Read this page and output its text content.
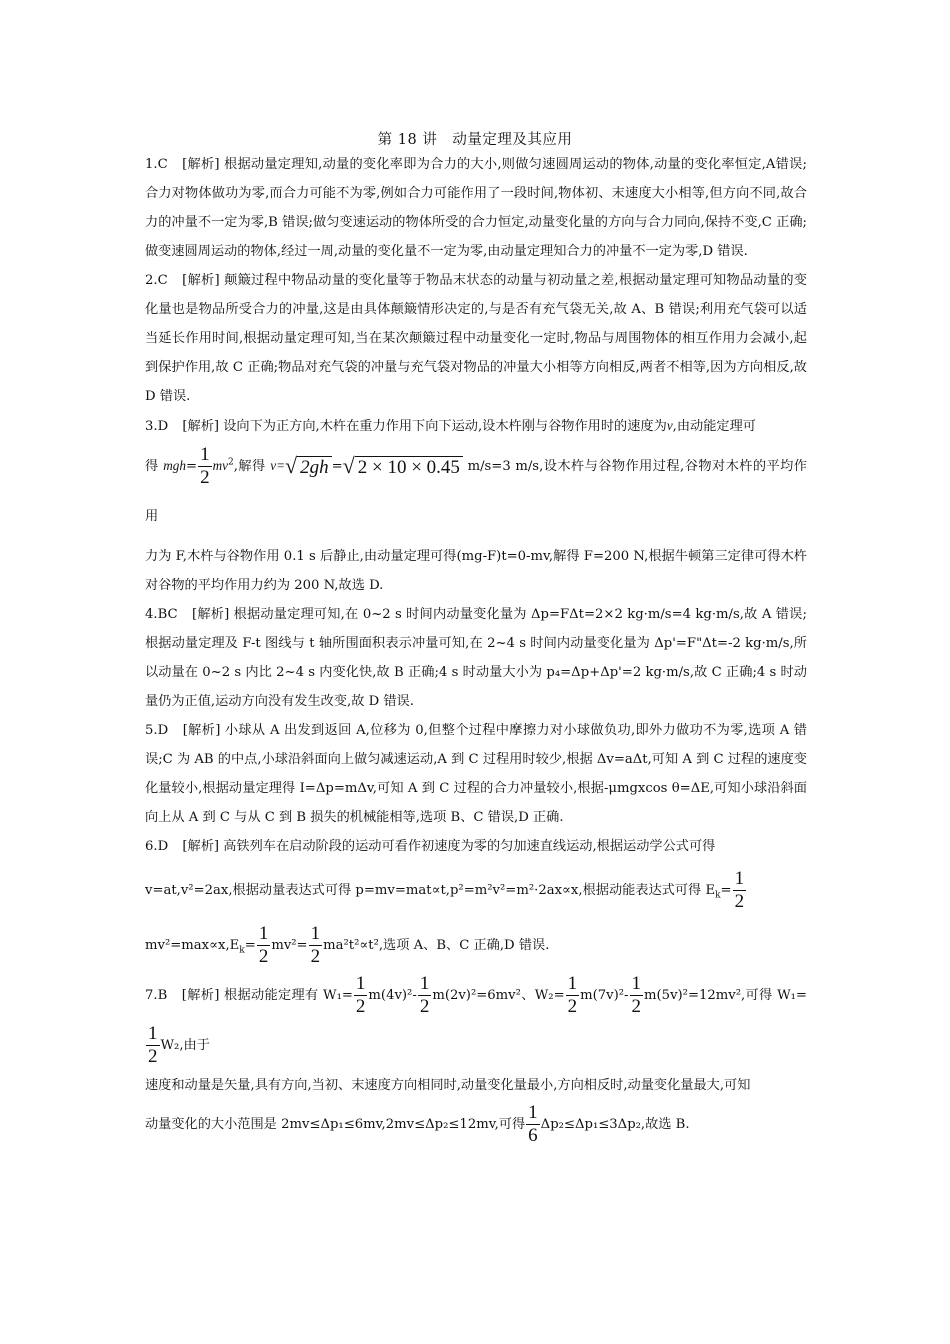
第 18 讲　动量定理及其应用

1.C [解析] 根据动量定理知,动量的变化率即为合力的大小,则做匀速圆周运动的物体,动量的变化率恒定,A错误;合力对物体做功为零,而合力可能不为零,例如合力可能作用了一段时间,物体初、末速度大小相等,但方向不同,故合力的冲量不一定为零,B 错误;做匀变速运动的物体所受的合力恒定,动量变化量的方向与合力同向,保持不变,C 正确;做变速圆周运动的物体,经过一周,动量的变化量不一定为零,由动量定理知合力的冲量不一定为零,D 错误.

2.C [解析] 颠簸过程中物品动量的变化量等于物品末状态的动量与初动量之差,根据动量定理可知物品动量的变化量也是物品所受合力的冲量,这是由具体颠簸情形决定的,与是否有充气袋无关,故 A、B 错误;利用充气袋可以适当延长作用时间,根据动量定理可知,当在某次颠簸过程中动量变化一定时,物品与周围物体的相互作用力会减小,起到保护作用,故 C 正确;物品对充气袋的冲量与充气袋对物品的冲量大小相等方向相反,两者不相等,因为方向相反,故 D 错误.

3.D [解析] 设向下为正方向,木杵在重力作用下向下运动,设木杵刚与谷物作用时的速度为v,由动能定理可
得 $mgh= \frac{1}{2} mv^2$,解得 v=√ 2gh =√ 2 × 10 × 0.45 m/s=3 m/s,设木杵与谷物作用过程,谷物对木杵的平均作用
力为 F,木杵与谷物作用 0.1 s 后静止,由动量定理可得(mg-F)t=0-mv,解得 F=200 N,根据牛顿第三定律可得木杵对谷物的平均作用力约为 200 N,故选 D.

4.BC [解析] 根据动量定理可知,在 0~2 s 时间内动量变化量为 Δp=FΔt=2×2 kg·m/s=4 kg·m/s,故 A 错误;根据动量定理及 F-t 图线与 t 轴所围面积表示冲量可知,在 2~4 s 时间内动量变化量为 Δp'=F"Δt=-2 kg·m/s,所以动量在 0~2 s 内比 2~4 s 内变化快,故 B 正确;4 s 时动量大小为 p₄=Δp+Δp'=2 kg·m/s,故 C 正确;4 s 时动量仍为正值,运动方向没有发生改变,故 D 错误.

5.D [解析] 小球从 A 出发到返回 A,位移为 0,但整个过程中摩擦力对小球做负功,即外力做功不为零,选项 A 错误;C 为 AB 的中点,小球沿斜面向上做匀减速运动,A 到 C 过程用时较少,根据 Δv=aΔt,可知 A 到 C 过程的速度变化量较小,根据动量定理得 I=Δp=mΔv,可知 A 到 C 过程的合力冲量较小,根据-μmgxcos θ=ΔE,可知小球沿斜面向上从 A 到 C 与从 C 到 B 损失的机械能相等,选项 B、C 错误,D 正确.

6.D [解析] 高铁列车在启动阶段的运动可看作初速度为零的匀加速直线运动,根据运动学公式可得
v=at,v²=2ax,根据动量表达式可得 p=mv=mat∝t,p²=m²v²=m²·2ax∝x,根据动能表达式可得 $E_k= \frac{1}{2}$
$mv^2=\max\propto x,E_k= \frac{1}{2} mv^2= \frac{1}{2} ma^2t^2\propto t^2$,选项 A、B、C 正确,D 错误.

7.B [解析] 根据动能定理有 $W_1= \frac{1}{2} m(4v)^2- \frac{1}{2} m(2v)^2=6mv^2$、$W_2= \frac{1}{2} m(7v)^2- \frac{1}{2} m(5v)^2=12mv^2$,可得 W₁=
$\frac{1}{2} W_2$,由于
速度和动量是矢量,具有方向,当初、末速度方向相同时,动量变化量最小,方向相反时,动量变化量最大,可知
动量变化的大小范围是 2mv≤Δp₁≤6mv,2mv≤Δp₂≤12mv,可得 $\frac{1}{6} \Delta p_2\le\Delta p_1\le 3\Delta p_2$,故选 B.
